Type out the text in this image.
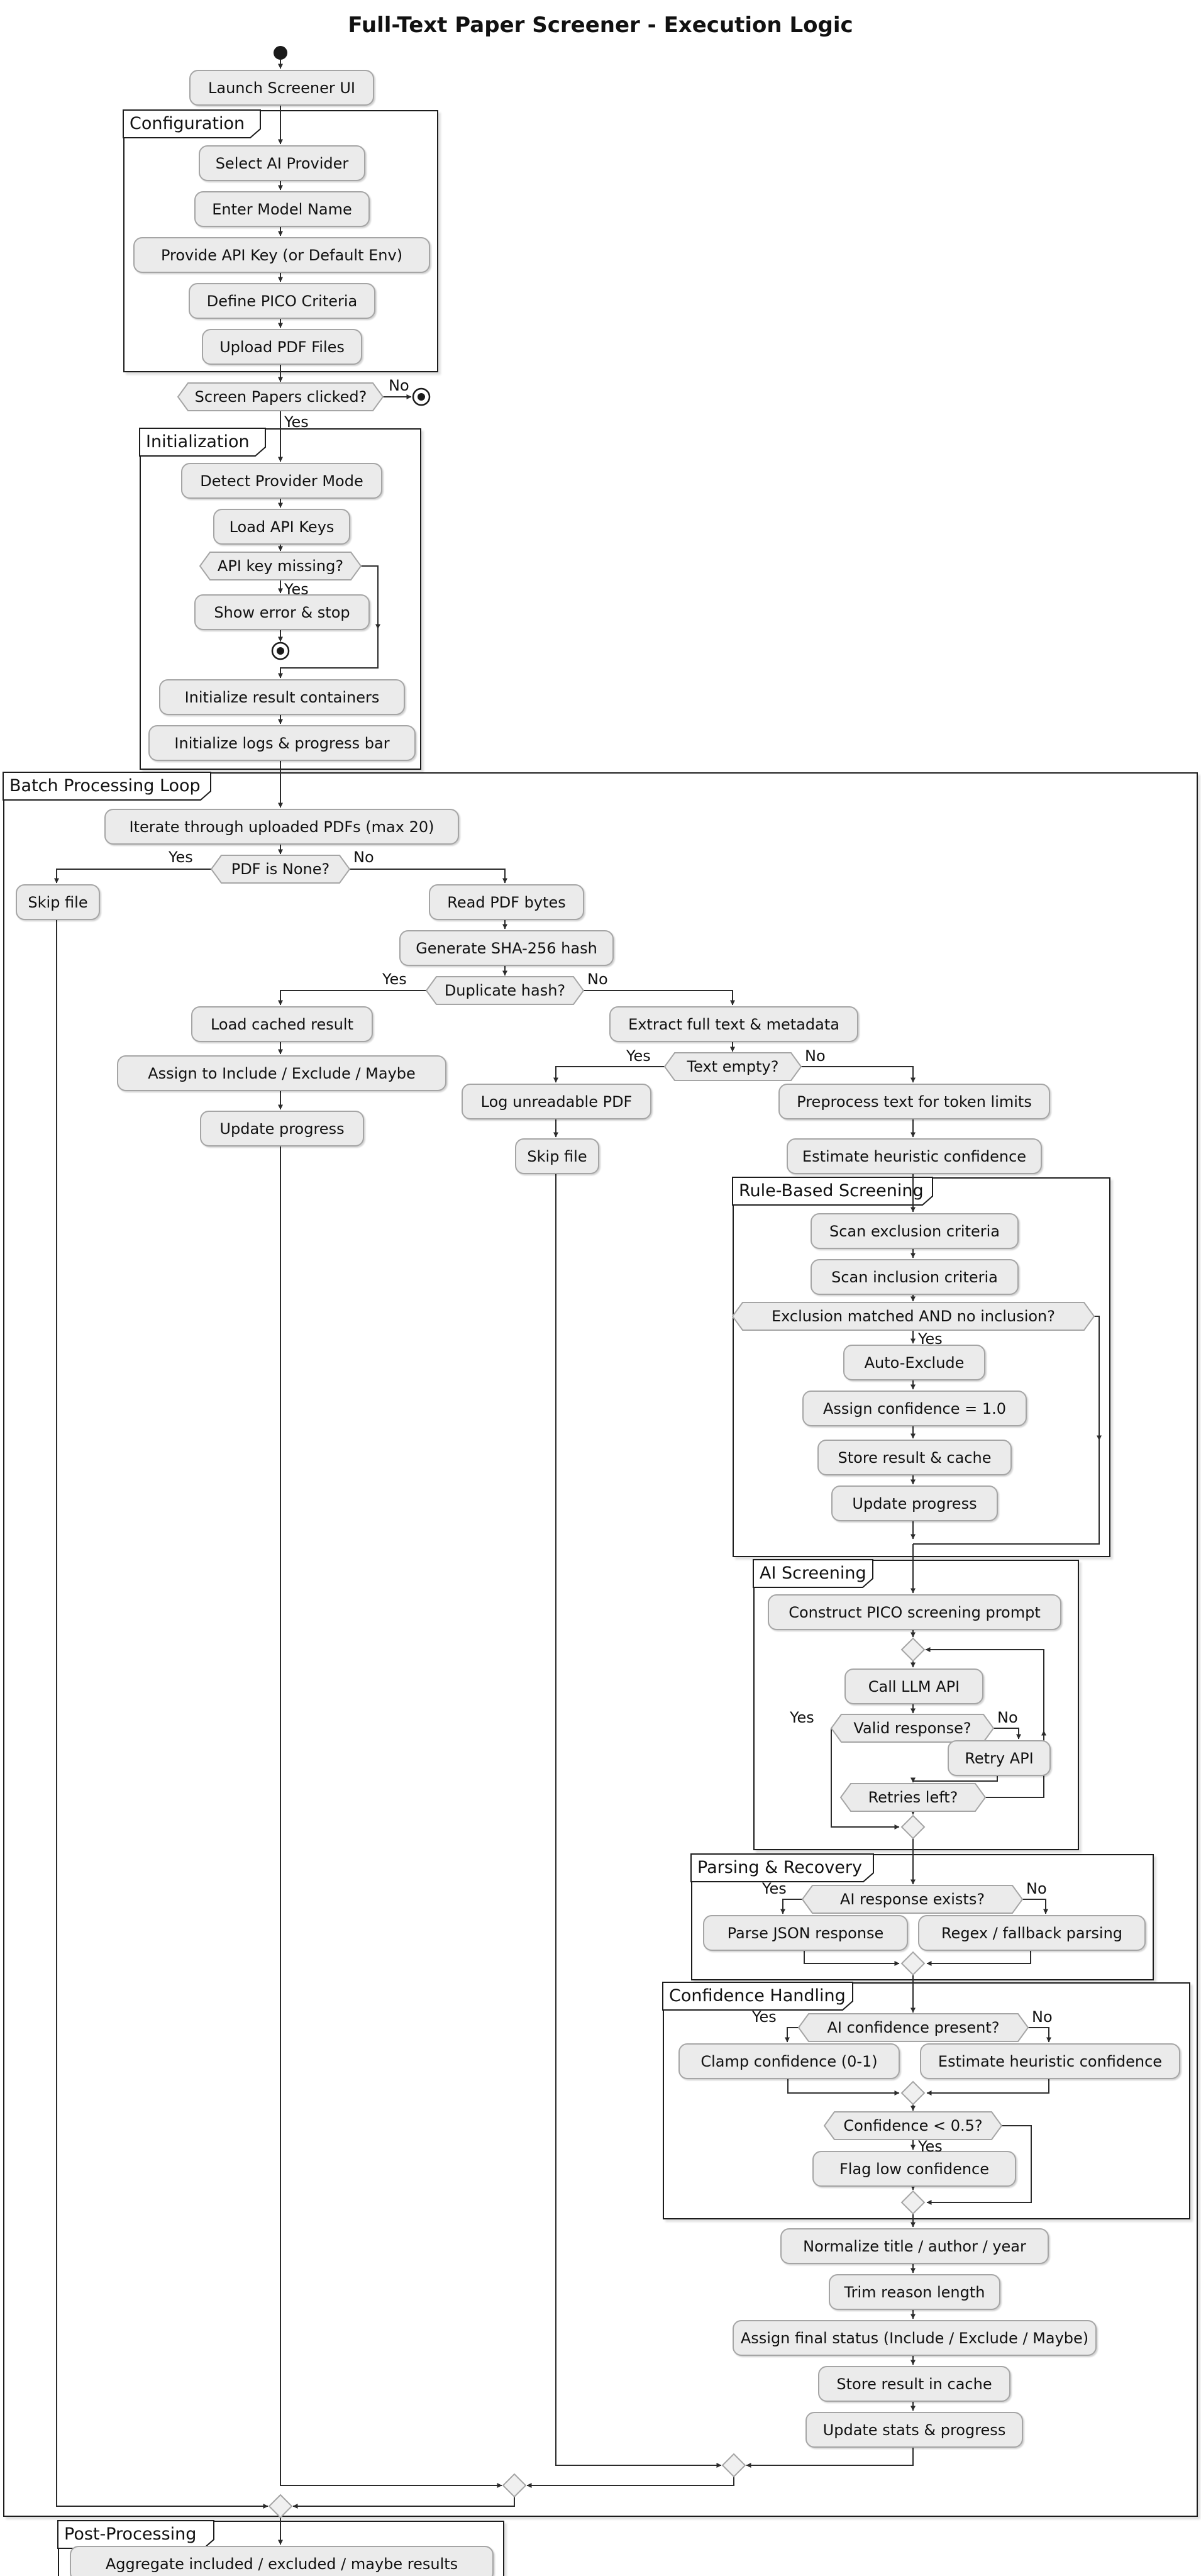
Full-Text Paper Screener - Execution Logic
Configuration
Initialization
Batch Processing Loop
Rule-Based Screening
AI Screening
Parsing & Recovery
Confidence Handling
Post-Processing
Launch Screener UI
Select AI Provider
Enter Model Name
Provide API Key (or Default Env)
Define PICO Criteria
Upload PDF Files
Detect Provider Mode
Load API Keys
Show error & stop
Initialize result containers
Initialize logs & progress bar
Iterate through uploaded PDFs (max 20)
Skip file	Read PDF bytes
Generate SHA-256 hash
Load cached result
Assign to Include / Exclude / Maybe
Update progress
Extract full text & metadata
Log unreadable PDF
Skip file
Preprocess text for token limits
Estimate heuristic confidence
Scan exclusion criteria
Scan inclusion criteria
Auto-Exclude
Assign confidence = 1.0
Store result & cache
Update progress
Construct PICO screening prompt
Call LLM API
Retry API
Parse JSON response	Regex / fallback parsing
Clamp confidence (0-1)	Estimate heuristic confidence
Flag low confidence
Normalize title / author / year
Trim reason length
Assign final status (Include / Exclude / Maybe)
Store result in cache
Update stats & progress
Aggregate included / excluded / maybe results
Screen Papers clicked?
API key missing?
PDF is None?
Duplicate hash?
Text empty?
Exclusion matched AND no inclusion?
Valid response?
Retries left?
AI response exists?
AI confidence present?
Confidence < 0.5?
No
Yes
Yes
Yes	No
Yes	No
Yes	No
Yes
Yes	No
Yes	No
Yes	No
Yes
